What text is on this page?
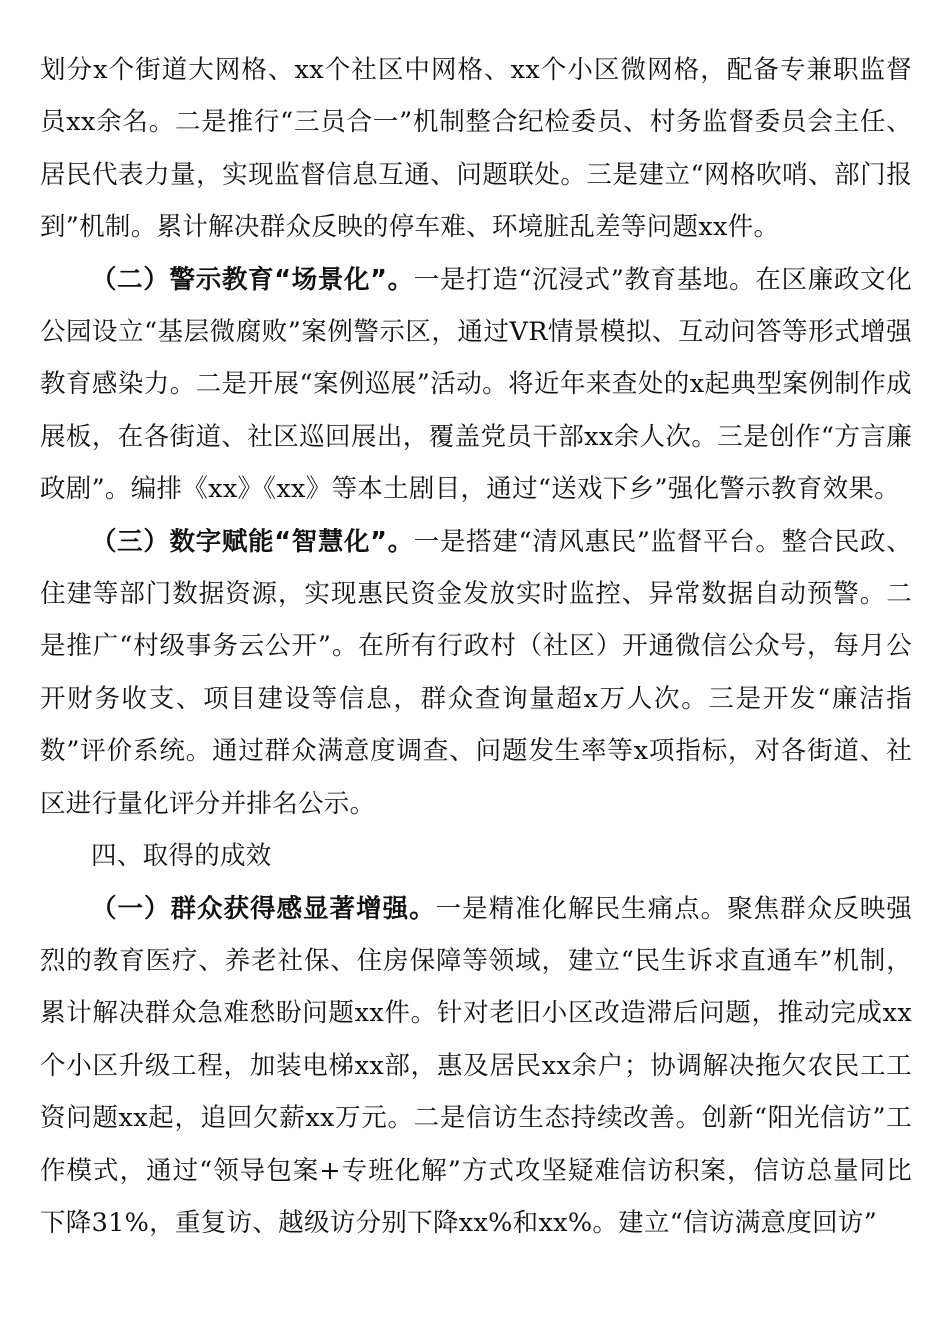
划分x个街道大网格、xx个社区中网格、xx个小区微网格，配备专兼职监督员xx余名。二是推行“三员合一”机制整合纪检委员、村务监督委员会主任、居民代表力量，实现监督信息互通、问题联处。三是建立“网格吹哨、部门报到”机制。累计解决群众反映的停车难、环境脏乱差等问题xx件。

（二）警示教育“场景化”。一是打造“沉浸式”教育基地。在区廉政文化公园设立“基层微腐败”案例警示区，通过VR情景模拟、互动问答等形式增强教育感染力。二是开展“案例巡展”活动。将近年来查处的x起典型案例制作成展板，在各街道、社区巡回展出，覆盖党员干部xx余人次。三是创作“方言廉政剧”。编排《xx》《xx》等本土剧目，通过“送戏下乡”强化警示教育效果。

（三）数字赋能“智慧化”。一是搭建“清风惠民”监督平台。整合民政、住建等部门数据资源，实现惠民资金发放实时监控、异常数据自动预警。二是推广“村级事务云公开”。在所有行政村（社区）开通微信公众号，每月公开财务收支、项目建设等信息，群众查询量超x万人次。三是开发“廉洁指数”评价系统。通过群众满意度调查、问题发生率等x项指标，对各街道、社区进行量化评分并排名公示。

四、取得的成效

（一）群众获得感显著增强。一是精准化解民生痛点。聚焦群众反映强烈的教育医疗、养老社保、住房保障等领域，建立“民生诉求直通车”机制，累计解决群众急难愁盼问题xx件。针对老旧小区改造滞后问题，推动完成xx个小区升级工程，加装电梯xx部，惠及居民xx余户；协调解决拖欠农民工工资问题xx起，追回欠薪xx万元。二是信访生态持续改善。创新“阳光信访”工作模式，通过“领导包案+专班化解”方式攻坚疑难信访积案，信访总量同比下降31%，重复访、越级访分别下降xx%和xx%。建立“信访满意度回访”
